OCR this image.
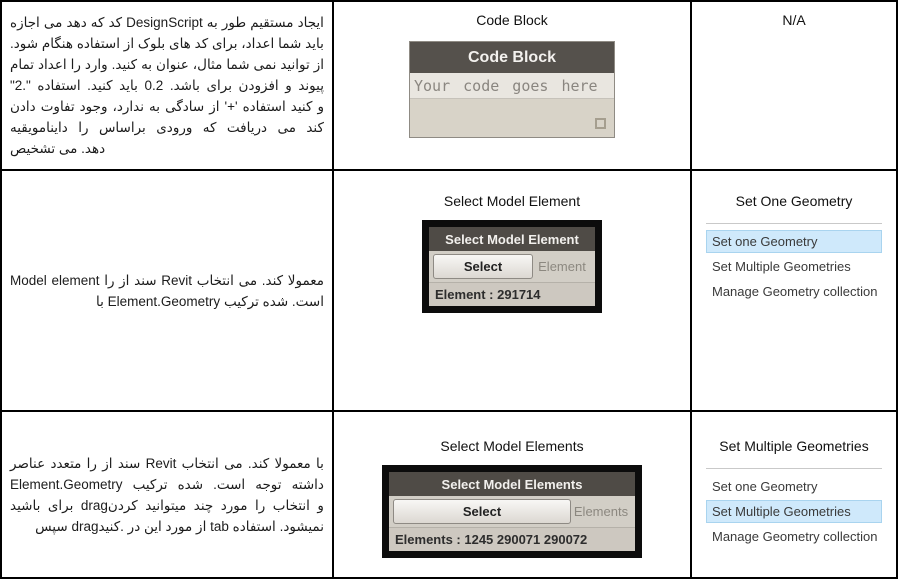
اجازه می دهد که کد DesignScript به طور مستقیم ایجاد شود. هنگام استفاده از بلوک های کد برای اعداد، شما باید تمام اعداد را وارد کنید. به عنوان مثال، شما نمی توانید از "2." استفاده کنید. باید 0.2 باشد. برای افزودن و پیوند دادن تفاوت وجود ندارد، به سادگی از '+' استفاده کنید و داینامویقیه را براساس ورودی که دریافت می کند تشخیص می دهد.

Code Block
Code Block
Your code goes here
N/A

Model element را از سند Revit انتخاب می کند. معمولا با Element.Geometry ترکیب شده است.

Select Model Element
Select Model Element
Select	Element
Element : 291714
Set One Geometry
Set one Geometry
Set Multiple Geometries
Manage Geometry collection

عناصر متعدد را از سند Revit انتخاب می کند. معمولا با Element.Geometry ترکیب شده است. توجه داشته باشید برای dragکردن میتوانید چند مورد را انتخاب و سپس dragکنید. در این مورد از tab استفاده نمیشود.

Select Model Elements
Select Model Elements
Select	Elements
Elements : 1245 290071 290072
Set Multiple Geometries
Set one Geometry
Set Multiple Geometries
Manage Geometry collection
